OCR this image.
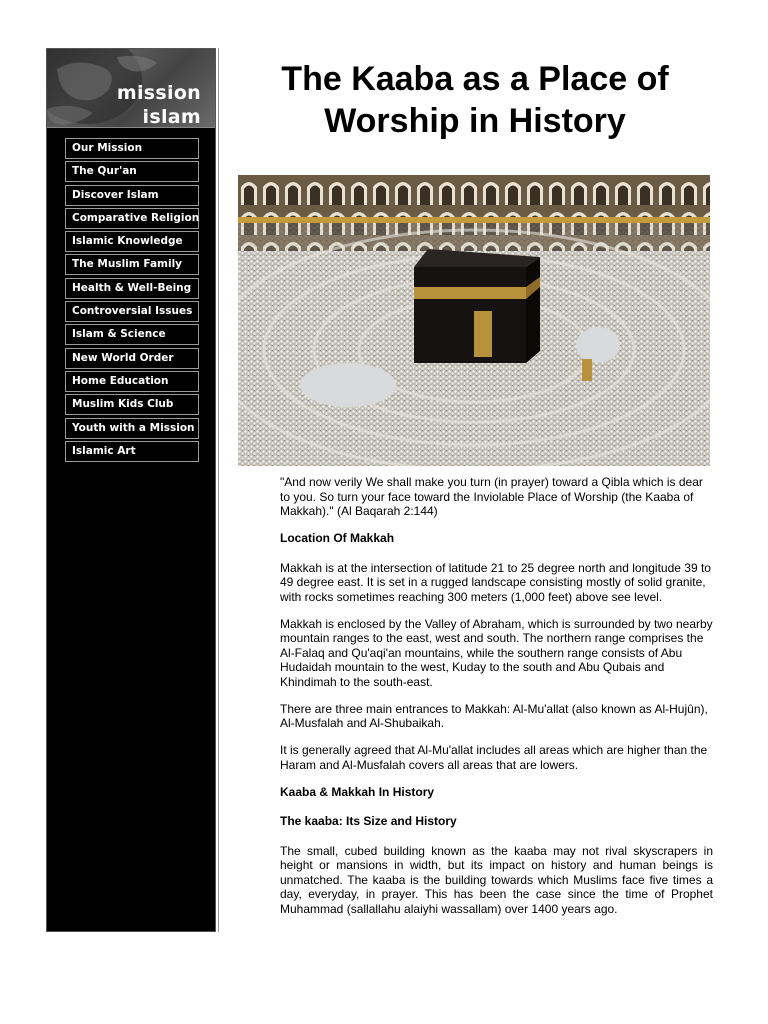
mission
islam
Our Mission
The Qur'an
Discover Islam
Comparative Religion
Islamic Knowledge
The Muslim Family
Health & Well-Being
Controversial Issues
Islam & Science
New World Order
Home Education
Muslim Kids Club
Youth with a Mission
Islamic Art
The Kaaba as a Place of
Worship in History

"And now verily We shall make you turn (in prayer) toward a Qibla which is dear to you. So turn your face toward the Inviolable Place of Worship (the Kaaba of Makkah)." (Al Baqarah 2:144)

Location Of Makkah

Makkah is at the intersection of latitude 21 to 25 degree north and longitude 39 to 49 degree east. It is set in a rugged landscape consisting mostly of solid granite, with rocks sometimes reaching 300 meters (1,000 feet) above see level.

Makkah is enclosed by the Valley of Abraham, which is surrounded by two nearby mountain ranges to the east, west and south. The northern range comprises the Al-Falaq and Qu'aqi'an mountains, while the southern range consists of Abu Hudaidah mountain to the west, Kuday to the south and Abu Qubais and Khindimah to the south-east.

There are three main entrances to Makkah: Al-Mu'allat (also known as Al-Hujûn), Al-Musfalah and Al-Shubaikah.

It is generally agreed that Al-Mu'allat includes all areas which are higher than the Haram and Al-Musfalah covers all areas that are lowers.

Kaaba & Makkah In History

The kaaba: Its Size and History

The small, cubed building known as the kaaba may not rival skyscrapers in height or mansions in width, but its impact on history and human beings is unmatched. The kaaba is the building towards which Muslims face five times a day, everyday, in prayer. This has been the case since the time of Prophet Muhammad (sallallahu alaiyhi wassallam) over 1400 years ago.
